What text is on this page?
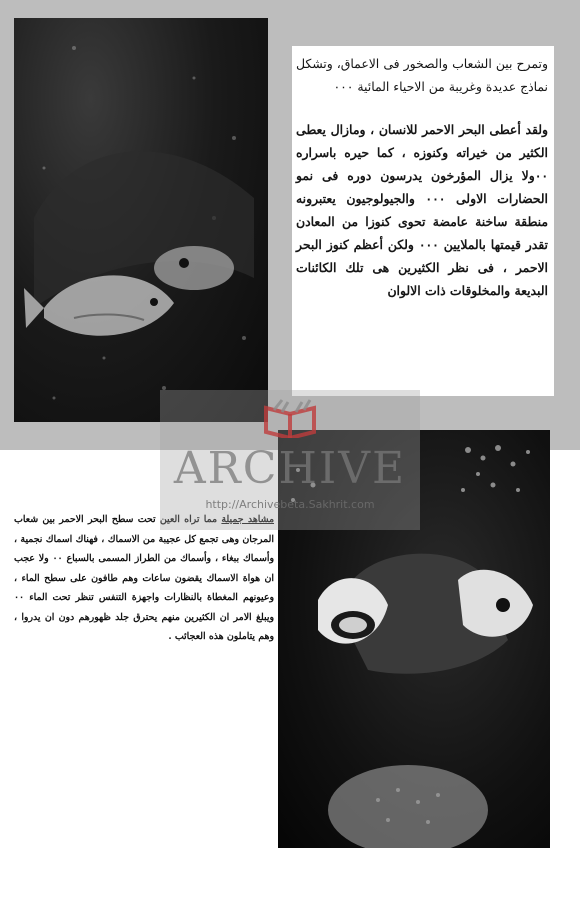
وتمرح بين الشعاب والصخور فى الاعماق، وتشكل نماذج عديدة وغريبة من الاحياء المائية ٠٠٠

ولقد أعطى البحر الاحمر للانسان ، ومازال يعطى الكثير من خيراته وكنوزه ، كما حيره باسراره ٠٠ولا يزال المؤرخون يدرسون دوره فى نمو الحضارات الاولى ٠٠٠ والجيولوجيون يعتبرونه منطقة ساخنة عامضة تحوى كنوزا من المعادن تقدر قيمتها بالملايين ٠٠٠ ولكن أعظم كنوز البحر الاحمر ، فى نظر الكثيرين هى تلك الكائنات البديعة والمخلوقات ذات الالوان

مشاهد جميلة مما تراه العين تحت سطح البحر الاحمر بين شعاب المرجان وهى تجمع كل عجيبة من الاسماك ، فهناك اسماك نجمية ، وأسماك ببغاء ، وأسماك من الطراز المسمى بالسباع ٠٠ ولا عجب ان هواة الاسماك يقضون ساعات وهم طافون على سطح الماء ، وعيونهم المغطاة بالنظارات واجهزة التنفس تنظر تحت الماء ٠٠ ويبلغ الامر ان الكثيرين منهم يحترق جلد ظهورهم دون ان يدروا ، وهم يتاملون هذه العجائب .

ARCHIVE
http://Archivebeta.Sakhrit.com
